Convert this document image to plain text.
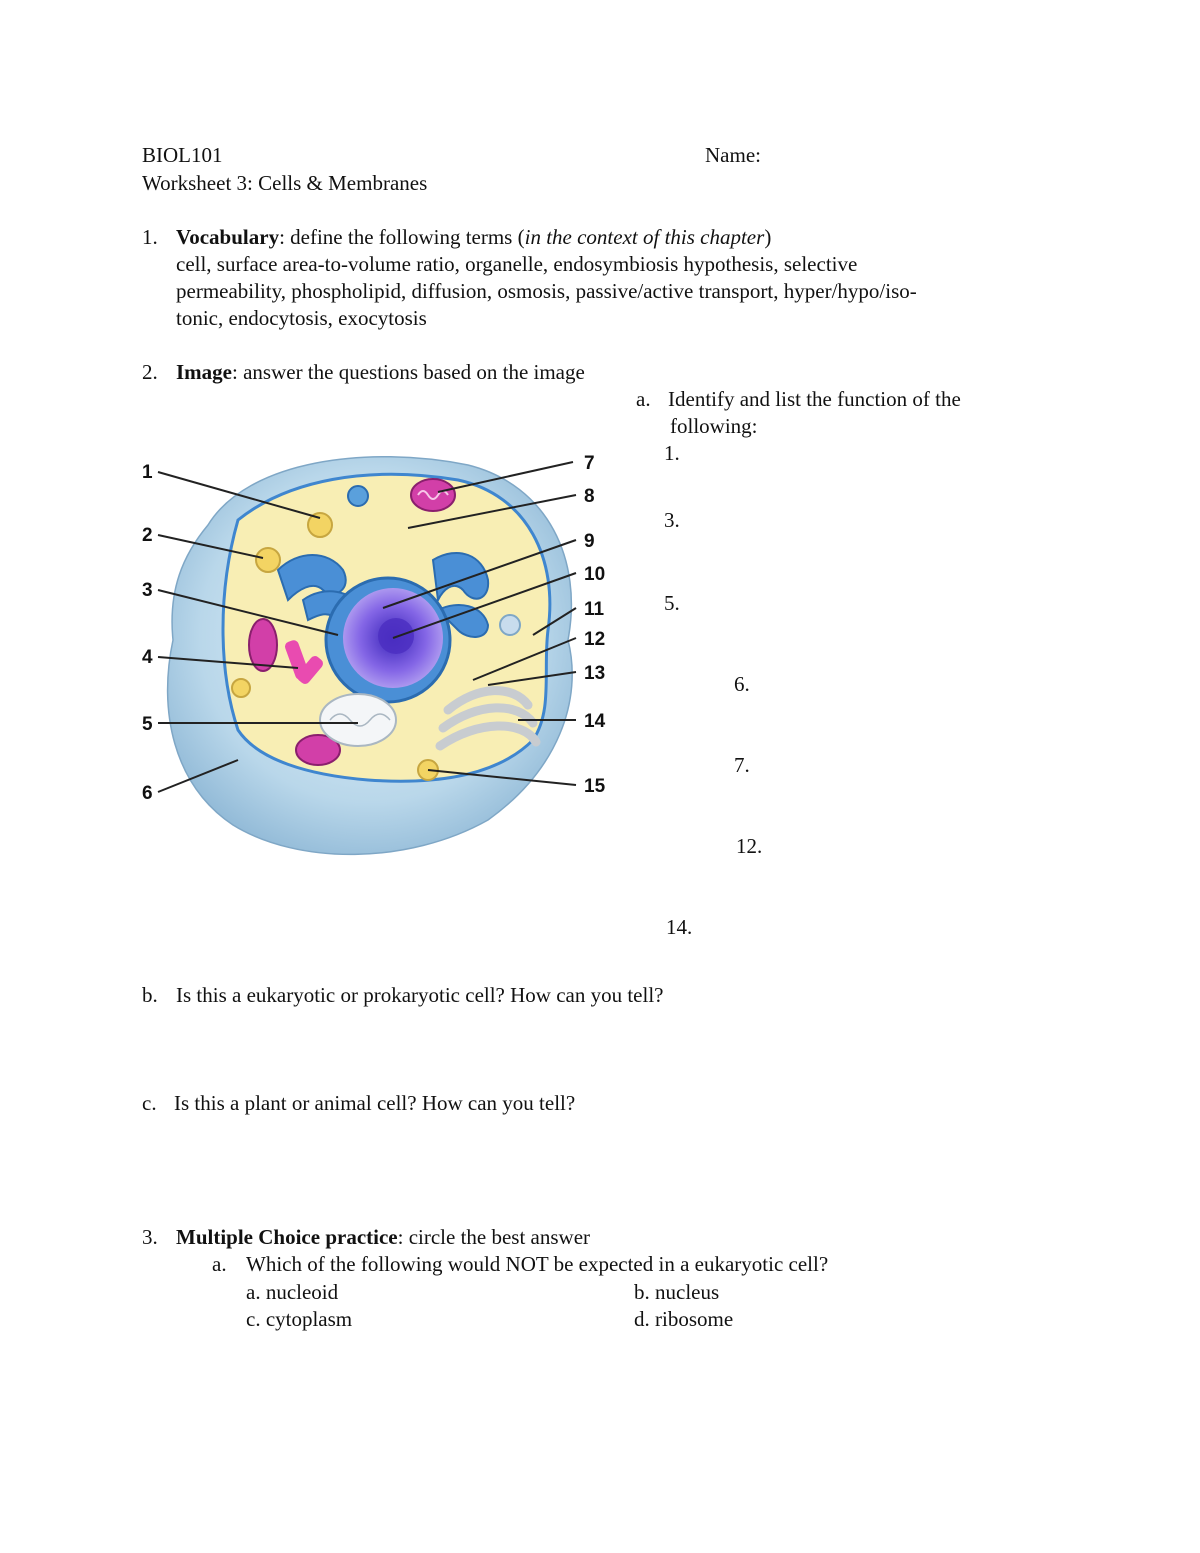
BIOL101	Name:
Worksheet 3: Cells & Membranes
1. Vocabulary: define the following terms (in the context of this chapter)
cell, surface area-to-volume ratio, organelle, endosymbiosis hypothesis, selective
permeability, phospholipid, diffusion, osmosis, passive/active transport, hyper/hypo/iso-
tonic, endocytosis, exocytosis
2. Image: answer the questions based on the image
a. Identify and list the function of the
following:
1.
3.
5.
6.
7.
12.
14.
1
2
3
4
5
6
7
8
9
10
11
12
13
14
15
b. Is this a eukaryotic or prokaryotic cell? How can you tell?
c. Is this a plant or animal cell? How can you tell?
3. Multiple Choice practice: circle the best answer
a. Which of the following would NOT be expected in a eukaryotic cell?
a. nucleoid	b. nucleus
c. cytoplasm	d. ribosome
